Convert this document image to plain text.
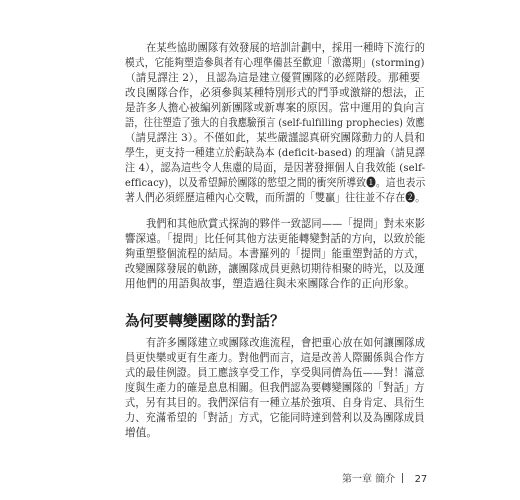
在某些協助團隊有效發展的培訓計劃中，採用一種時下流行的
模式，它能夠塑造參與者有心理準備甚至歡迎「激蕩期」(storming)
（請見譯注 2），且認為這是建立優質團隊的必經階段。那種要
改良團隊合作，必須參與某種特別形式的鬥爭或激辯的想法，正
是許多人擔心被編列新團隊或新專案的原因。當中運用的負向言
語，往往塑造了強大的自我應驗預言 (self-fulfilling prophecies) 效應
（請見譯注 3）。不僅如此，某些嚴謹認真研究團隊動力的人員和
學生，更支持一種建立於虧缺為本 (deficit-based) 的理論（請見譯
注 4），認為這些令人焦慮的局面，是因著發揮個人自我效能 (self-
efficacy)，以及希望歸於團隊的慾望之間的衝突所導致❶。這也表示
著人們必須經歷這種內心交戰，而所謂的「雙贏」往往並不存在❷。
我們和其他欣賞式探詢的夥伴一致認同——「提問」對未來影
響深遠。「提問」比任何其他方法更能轉變對話的方向，以致於能
夠重塑整個流程的結局。本書羅列的「提問」能重塑對話的方式，
改變團隊發展的軌跡，讓團隊成員更熱切期待相聚的時光，以及運
用他們的用語與故事，塑造過往與未來團隊合作的正向形象。
為何要轉變團隊的對話？
有許多團隊建立或團隊改進流程，會把重心放在如何讓團隊成
員更快樂或更有生產力。對他們而言，這是改善人際關係與合作方
式的最佳例證。員工應該享受工作，享受與同儕為伍——對！滿意
度與生產力的確是息息相關。但我們認為要轉變團隊的「對話」方
式，另有其目的。我們深信有一種立基於強項、自身肯定、具衍生
力、充滿希望的「對話」方式，它能同時達到營利以及為團隊成員
增值。
第一章 簡介 27
